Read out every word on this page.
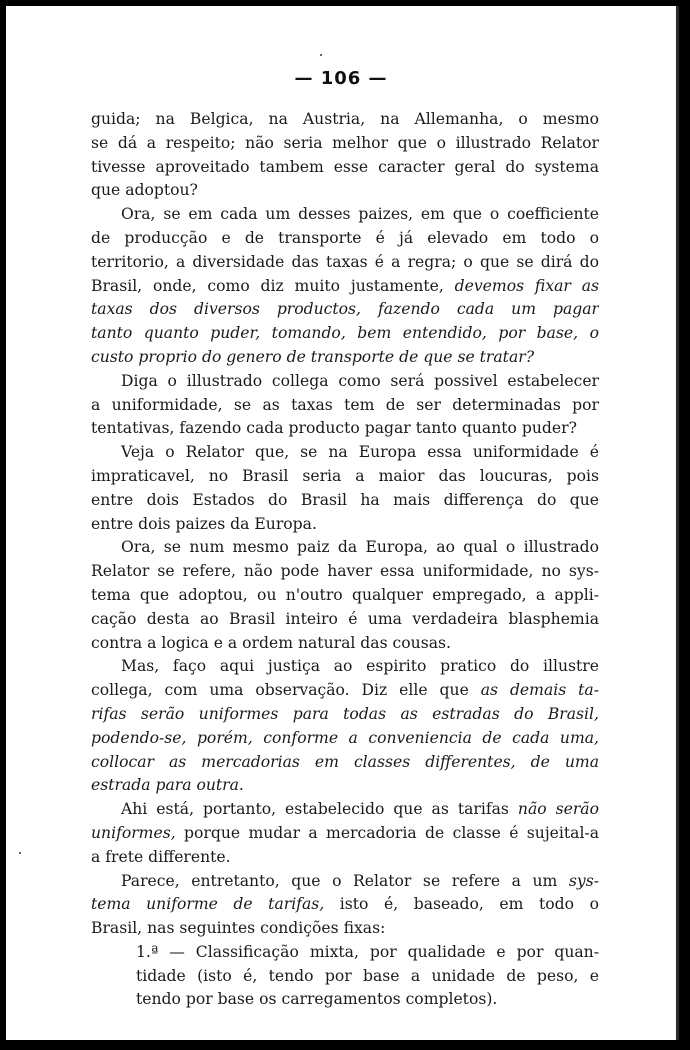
— 106 —
guida; na Belgica, na Austria, na Allemanha, o mesmo
se dá a respeito; não seria melhor que o illustrado Relator
tivesse aproveitado tambem esse caracter geral do systema
que adoptou?
Ora, se em cada um desses paizes, em que o coefficiente
de producção e de transporte é já elevado em todo o
territorio, a diversidade das taxas é a regra; o que se dirá do
Brasil, onde, como diz muito justamente, devemos fixar as
taxas dos diversos productos, fazendo cada um pagar
tanto quanto puder, tomando, bem entendido, por base, o
custo proprio do genero de transporte de que se tratar?
Diga o illustrado collega como será possivel estabelecer
a uniformidade, se as taxas tem de ser determinadas por
tentativas, fazendo cada producto pagar tanto quanto puder?
Veja o Relator que, se na Europa essa uniformidade é
impraticavel, no Brasil seria a maior das loucuras, pois
entre dois Estados do Brasil ha mais differença do que
entre dois paizes da Europa.
Ora, se num mesmo paiz da Europa, ao qual o illustrado
Relator se refere, não pode haver essa uniformidade, no sys-
tema que adoptou, ou n'outro qualquer empregado, a appli-
cação desta ao Brasil inteiro é uma verdadeira blasphemia
contra a logica e a ordem natural das cousas.
Mas, faço aqui justiça ao espirito pratico do illustre
collega, com uma observação. Diz elle que as demais ta-
rifas serão uniformes para todas as estradas do Brasil,
podendo-se, porém, conforme a conveniencia de cada uma,
collocar as mercadorias em classes differentes, de uma
estrada para outra.
Ahi está, portanto, estabelecido que as tarifas não serão
uniformes, porque mudar a mercadoria de classe é sujeital-a
a frete differente.
Parece, entretanto, que o Relator se refere a um sys-
tema uniforme de tarifas, isto é, baseado, em todo o
Brasil, nas seguintes condições fixas:
1.ª — Classificação mixta, por qualidade e por quan-
tidade (isto é, tendo por base a unidade de peso, e
tendo por base os carregamentos completos).
